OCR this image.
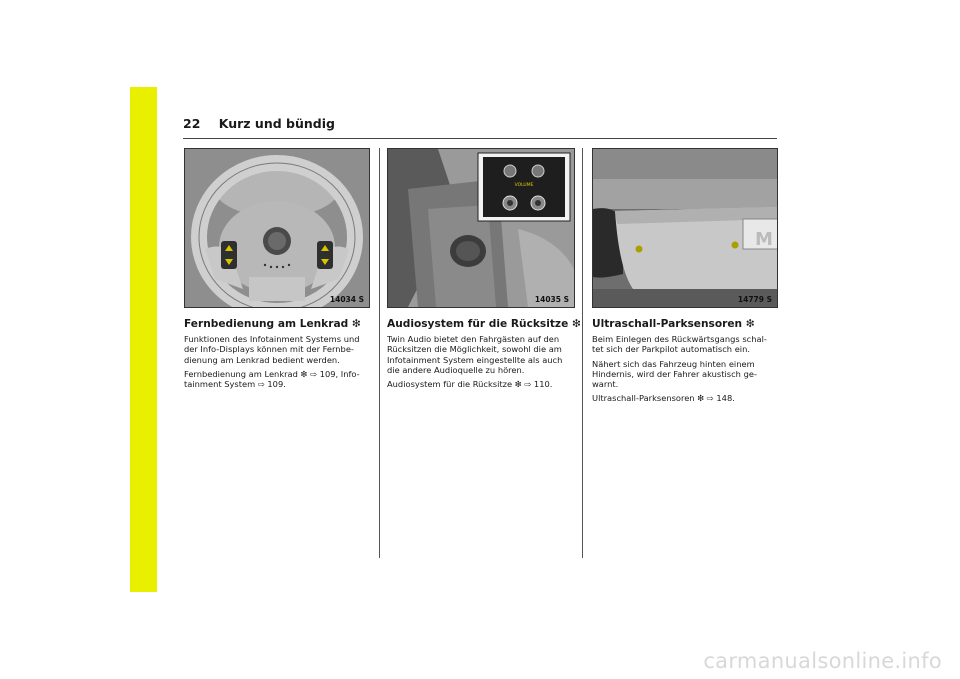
22 Kurz und bündig
14034 S
VOLUME
14035 S
M
14779 S
Fernbedienung am Lenkrad ❇

Funktionen des Infotainment Systems und der Info-Displays können mit der Fernbe-dienung am Lenkrad bedient werden.

Fernbedienung am Lenkrad ❇ ⇨ 109, Info-tainment System ⇨ 109.

Audiosystem für die Rücksitze ❇

Twin Audio bietet den Fahrgästen auf den Rücksitzen die Möglichkeit, sowohl die am Infotainment System eingestellte als auch die andere Audioquelle zu hören.

Audiosystem für die Rücksitze ❇ ⇨ 110.

Ultraschall-Parksensoren ❇

Beim Einlegen des Rückwärtsgangs schal-tet sich der Parkpilot automatisch ein.

Nähert sich das Fahrzeug hinten einem Hindernis, wird der Fahrer akustisch ge-warnt.

Ultraschall-Parksensoren ❇ ⇨ 148.

carmanualsonline.info
